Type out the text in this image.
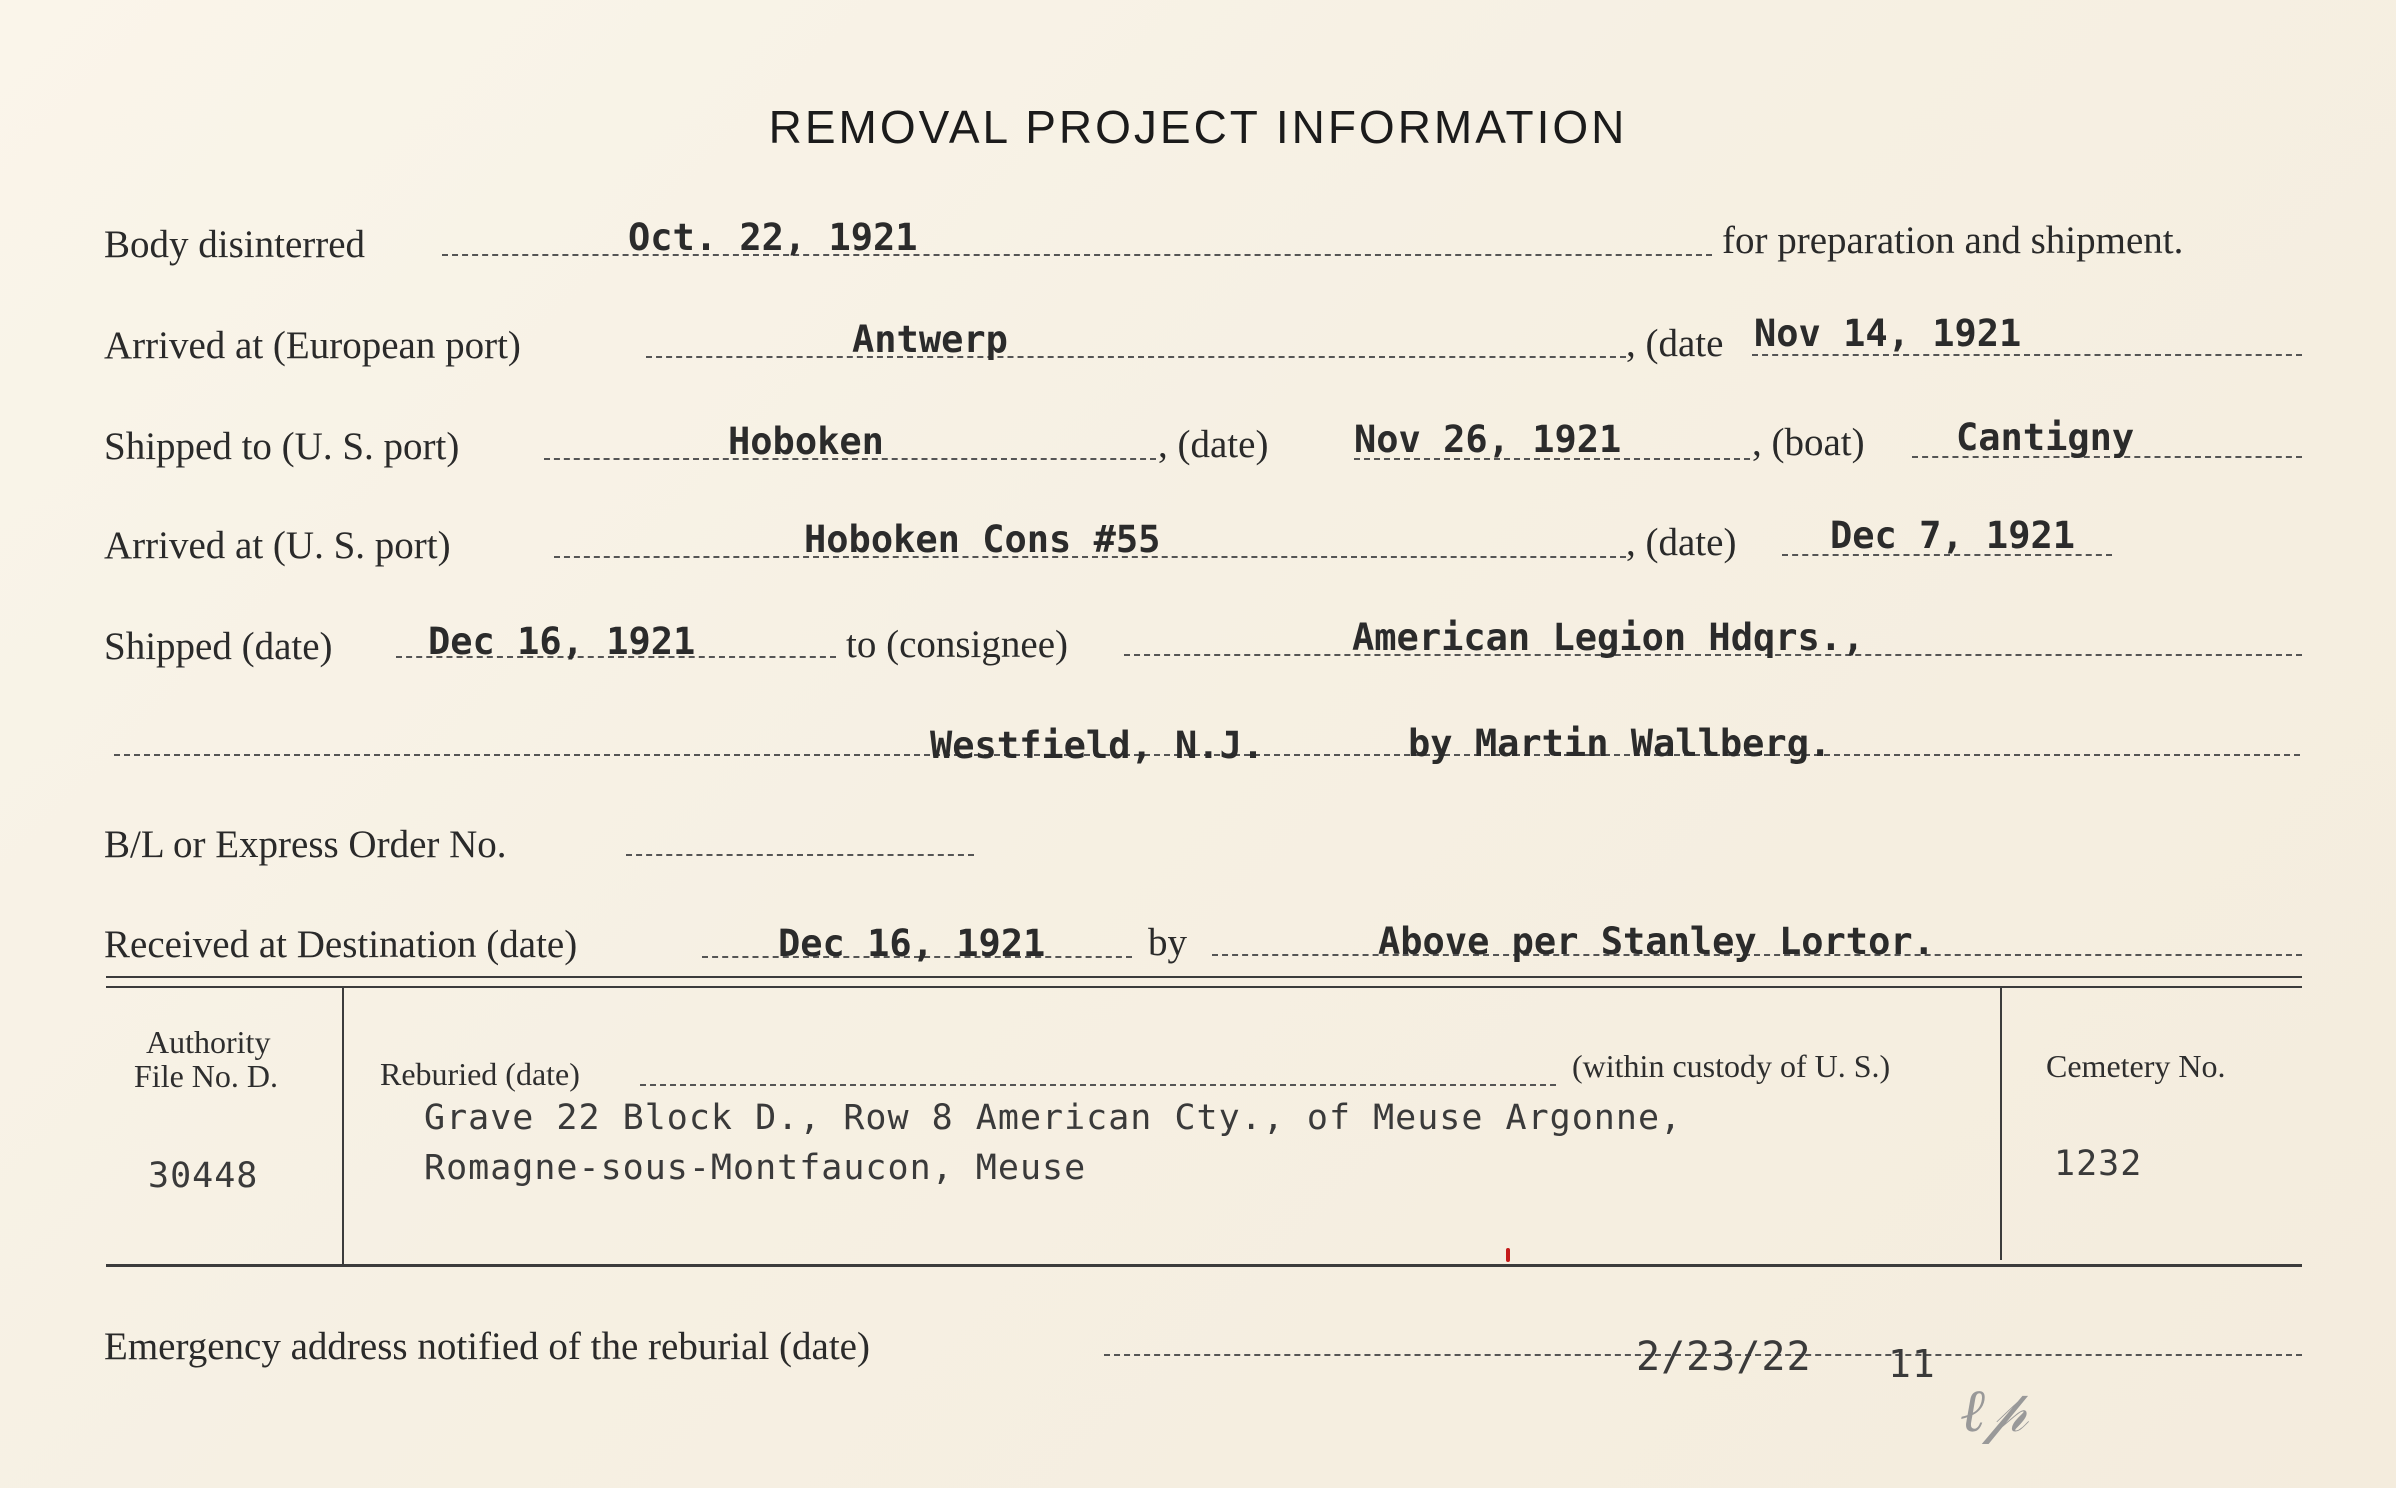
REMOVAL PROJECT INFORMATION
Body disinterred	Oct. 22, 1921	for preparation and shipment.
Arrived at (European port)	Antwerp	, (date Nov 14, 1921
Shipped to (U. S. port)	Hoboken	, (date) Nov 26, 1921	, (boat) Cantigny
Arrived at (U. S. port)	Hoboken Cons #55	, (date)	Dec 7, 1921
Shipped (date)	Dec 16, 1921	to (consignee)	American Legion Hdqrs.,
Westfield, N.J.	by Martin Wallberg.
B/L or Express Order No.
Received at Destination (date)	Dec 16, 1921	by	Above per Stanley Lortor.
Authority
File No. D.
30448
Reburied (date)	(within custody of U. S.)
Grave 22 Block D., Row 8 American Cty., of Meuse Argonne,
Romagne-sous-Montfaucon, Meuse
Cemetery No.
1232
Emergency address notified of the reburial (date)	2/23/22 11
ℓ𝓅
